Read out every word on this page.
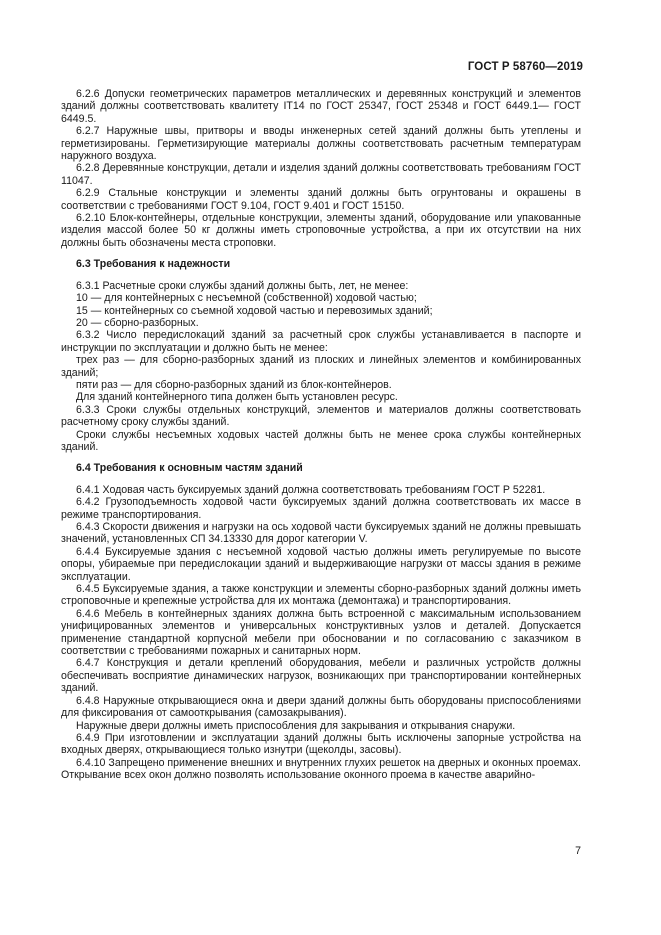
ГОСТ Р 58760—2019

6.2.6 Допуски геометрических параметров металлических и деревянных конструкций и элементов зданий должны соответствовать квалитету IT14 по ГОСТ 25347, ГОСТ 25348 и ГОСТ 6449.1— ГОСТ 6449.5.

6.2.7 Наружные швы, притворы и вводы инженерных сетей зданий должны быть утеплены и герметизированы. Герметизирующие материалы должны соответствовать расчетным температурам наружного воздуха.

6.2.8 Деревянные конструкции, детали и изделия зданий должны соответствовать требованиям ГОСТ 11047.

6.2.9 Стальные конструкции и элементы зданий должны быть огрунтованы и окрашены в соответствии с требованиями ГОСТ 9.104, ГОСТ 9.401 и ГОСТ 15150.

6.2.10 Блок-контейнеры, отдельные конструкции, элементы зданий, оборудование или упакованные изделия массой более 50 кг должны иметь строповочные устройства, а при их отсутствии на них должны быть обозначены места строповки.

6.3 Требования к надежности

6.3.1 Расчетные сроки службы зданий должны быть, лет, не менее:

10 — для контейнерных с несъемной (собственной) ходовой частью;

15 — контейнерных со съемной ходовой частью и перевозимых зданий;

20 — сборно-разборных.

6.3.2 Число передислокаций зданий за расчетный срок службы устанавливается в паспорте и инструкции по эксплуатации и должно быть не менее:

трех раз — для сборно-разборных зданий из плоских и линейных элементов и комбинированных зданий;

пяти раз — для сборно-разборных зданий из блок-контейнеров.

Для зданий контейнерного типа должен быть установлен ресурс.

6.3.3 Сроки службы отдельных конструкций, элементов и материалов должны соответствовать расчетному сроку службы зданий.

Сроки службы несъемных ходовых частей должны быть не менее срока службы контейнерных зданий.

6.4 Требования к основным частям зданий

6.4.1 Ходовая часть буксируемых зданий должна соответствовать требованиям ГОСТ Р 52281.

6.4.2 Грузоподъемность ходовой части буксируемых зданий должна соответствовать их массе в режиме транспортирования.

6.4.3 Скорости движения и нагрузки на ось ходовой части буксируемых зданий не должны превышать значений, установленных СП 34.13330 для дорог категории V.

6.4.4 Буксируемые здания с несъемной ходовой частью должны иметь регулируемые по высоте опоры, убираемые при передислокации зданий и выдерживающие нагрузки от массы здания в режиме эксплуатации.

6.4.5 Буксируемые здания, а также конструкции и элементы сборно-разборных зданий должны иметь строповочные и крепежные устройства для их монтажа (демонтажа) и транспортирования.

6.4.6 Мебель в контейнерных зданиях должна быть встроенной с максимальным использованием унифицированных элементов и универсальных конструктивных узлов и деталей. Допускается применение стандартной корпусной мебели при обосновании и по согласованию с заказчиком в соответствии с требованиями пожарных и санитарных норм.

6.4.7 Конструкция и детали креплений оборудования, мебели и различных устройств должны обеспечивать восприятие динамических нагрузок, возникающих при транспортировании контейнерных зданий.

6.4.8 Наружные открывающиеся окна и двери зданий должны быть оборудованы приспособлениями для фиксирования от самооткрывания (самозакрывания).

Наружные двери должны иметь приспособления для закрывания и открывания снаружи.

6.4.9 При изготовлении и эксплуатации зданий должны быть исключены запорные устройства на входных дверях, открывающиеся только изнутри (щеколды, засовы).

6.4.10 Запрещено применение внешних и внутренних глухих решеток на дверных и оконных проемах. Открывание всех окон должно позволять использование оконного проема в качестве аварийно-

7
